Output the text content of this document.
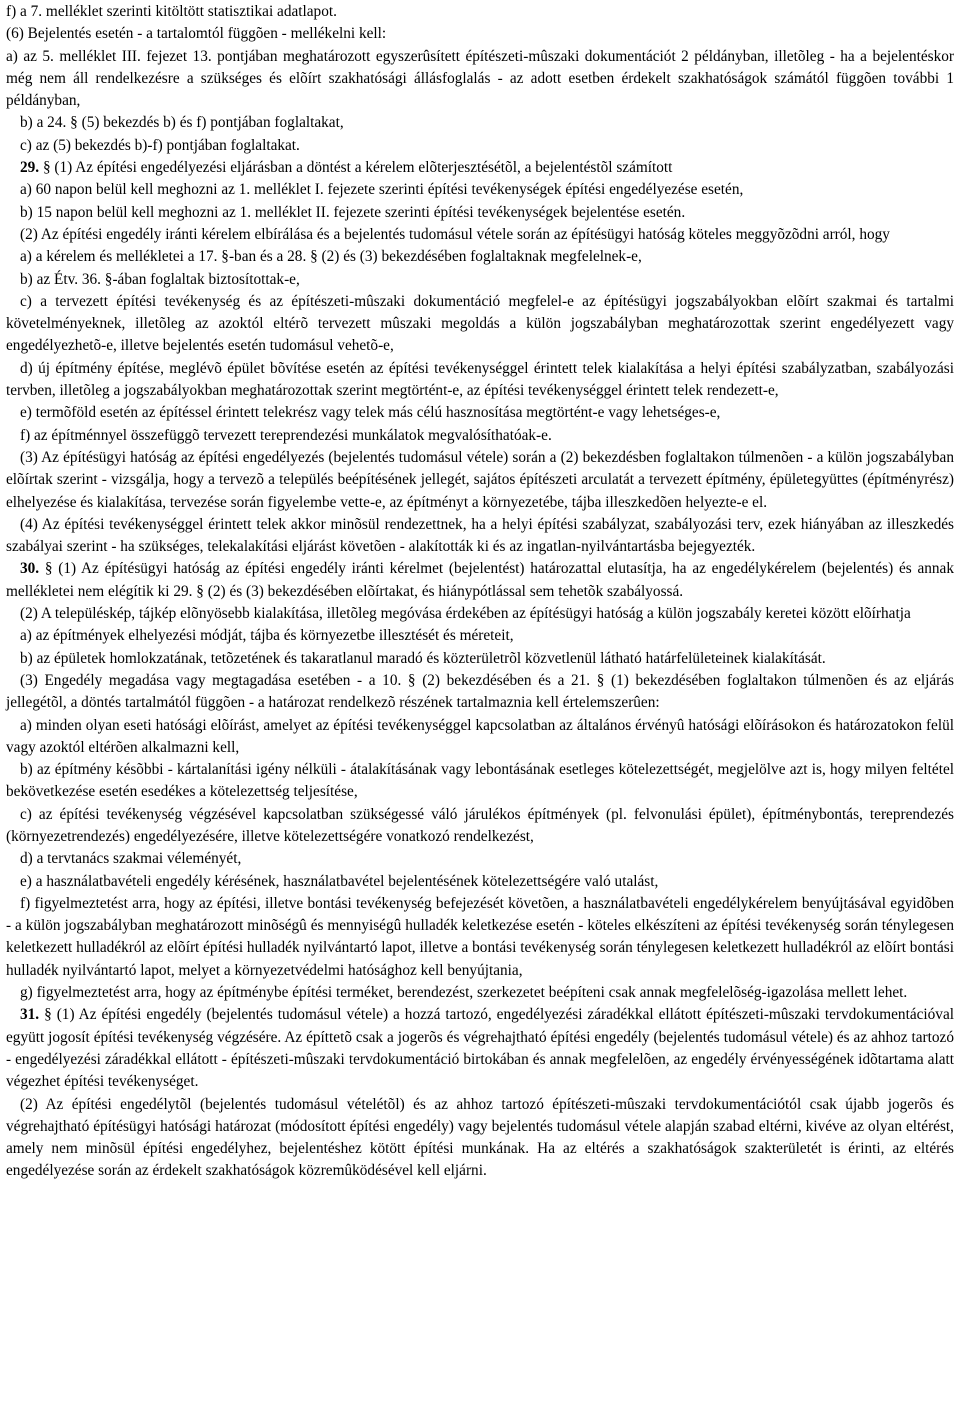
f) a 7. melléklet szerinti kitöltött statisztikai adatlapot.

(6) Bejelentés esetén - a tartalomtól függõen - mellékelni kell:

a) az 5. melléklet III. fejezet 13. pontjában meghatározott egyszerûsített építészeti-mûszaki dokumentációt 2 példányban, illetõleg - ha a bejelentéskor még nem áll rendelkezésre a szükséges és elõírt szakhatósági állásfoglalás - az adott esetben érdekelt szakhatóságok számától függõen további 1 példányban,

b) a 24. § (5) bekezdés b) és f) pontjában foglaltakat,

c) az (5) bekezdés b)-f) pontjában foglaltakat.

29. § (1) Az építési engedélyezési eljárásban a döntést a kérelem elõterjesztésétõl, a bejelentéstõl számított

a) 60 napon belül kell meghozni az 1. melléklet I. fejezete szerinti építési tevékenységek építési engedélyezése esetén,

b) 15 napon belül kell meghozni az 1. melléklet II. fejezete szerinti építési tevékenységek bejelentése esetén.

(2) Az építési engedély iránti kérelem elbírálása és a bejelentés tudomásul vétele során az építésügyi hatóság köteles meggyõzõdni arról, hogy

a) a kérelem és mellékletei a 17. §-ban és a 28. § (2) és (3) bekezdésében foglaltaknak megfelelnek-e,

b) az Étv. 36. §-ában foglaltak biztosítottak-e,

c) a tervezett építési tevékenység és az építészeti-mûszaki dokumentáció megfelel-e az építésügyi jogszabályokban elõírt szakmai és tartalmi követelményeknek, illetõleg az azoktól eltérõ tervezett mûszaki megoldás a külön jogszabályban meghatározottak szerint engedélyezett vagy engedélyezhetõ-e, illetve bejelentés esetén tudomásul vehetõ-e,

d) új építmény építése, meglévõ épület bõvítése esetén az építési tevékenységgel érintett telek kialakítása a helyi építési szabályzatban, szabályozási tervben, illetõleg a jogszabályokban meghatározottak szerint megtörtént-e, az építési tevékenységgel érintett telek rendezett-e,

e) termõföld esetén az építéssel érintett telekrész vagy telek más célú hasznosítása megtörtént-e vagy lehetséges-e,

f) az építménnyel összefüggõ tervezett tereprendezési munkálatok megvalósíthatóak-e.

(3) Az építésügyi hatóság az építési engedélyezés (bejelentés tudomásul vétele) során a (2) bekezdésben foglaltakon túlmenõen - a külön jogszabályban elõírtak szerint - vizsgálja, hogy a tervezõ a település beépítésének jellegét, sajátos építészeti arculatát a tervezett építmény, épületegyüttes (építményrész) elhelyezése és kialakítása, tervezése során figyelembe vette-e, az építményt a környezetébe, tájba illeszkedõen helyezte-e el.

(4) Az építési tevékenységgel érintett telek akkor minõsül rendezettnek, ha a helyi építési szabályzat, szabályozási terv, ezek hiányában az illeszkedés szabályai szerint - ha szükséges, telekalakítási eljárást követõen - alakították ki és az ingatlan-nyilvántartásba bejegyezték.

30. § (1) Az építésügyi hatóság az építési engedély iránti kérelmet (bejelentést) határozattal elutasítja, ha az engedélykérelem (bejelentés) és annak mellékletei nem elégítik ki 29. § (2) és (3) bekezdésében elõírtakat, és hiánypótlással sem tehetõk szabályossá.

(2) A településkép, tájkép elõnyösebb kialakítása, illetõleg megóvása érdekében az építésügyi hatóság a külön jogszabály keretei között elõírhatja

a) az építmények elhelyezési módját, tájba és környezetbe illesztését és méreteit,

b) az épületek homlokzatának, tetõzetének és takaratlanul maradó és közterületrõl közvetlenül látható határfelületeinek kialakítását.

(3) Engedély megadása vagy megtagadása esetében - a 10. § (2) bekezdésében és a 21. § (1) bekezdésében foglaltakon túlmenõen és az eljárás jellegétõl, a döntés tartalmától függõen - a határozat rendelkezõ részének tartalmaznia kell értelemszerûen:

a) minden olyan eseti hatósági elõírást, amelyet az építési tevékenységgel kapcsolatban az általános érvényû hatósági elõírásokon és határozatokon felül vagy azoktól eltérõen alkalmazni kell,

b) az építmény késõbbi - kártalanítási igény nélküli - átalakításának vagy lebontásának esetleges kötelezettségét, megjelölve azt is, hogy milyen feltétel bekövetkezése esetén esedékes a kötelezettség teljesítése,

c) az építési tevékenység végzésével kapcsolatban szükségessé váló járulékos építmények (pl. felvonulási épület), építménybontás, tereprendezés (környezetrendezés) engedélyezésére, illetve kötelezettségére vonatkozó rendelkezést,

d) a tervtanács szakmai véleményét,

e) a használatbavételi engedély kérésének, használatbavétel bejelentésének kötelezettségére való utalást,

f) figyelmeztetést arra, hogy az építési, illetve bontási tevékenység befejezését követõen, a használatbavételi engedélykérelem benyújtásával egyidõben - a külön jogszabályban meghatározott minõségû és mennyiségû hulladék keletkezése esetén - köteles elkészíteni az építési tevékenység során ténylegesen keletkezett hulladékról az elõírt építési hulladék nyilvántartó lapot, illetve a bontási tevékenység során ténylegesen keletkezett hulladékról az elõírt bontási hulladék nyilvántartó lapot, melyet a környezetvédelmi hatósághoz kell benyújtania,

g) figyelmeztetést arra, hogy az építménybe építési terméket, berendezést, szerkezetet beépíteni csak annak megfelelõség-igazolása mellett lehet.

31. § (1) Az építési engedély (bejelentés tudomásul vétele) a hozzá tartozó, engedélyezési záradékkal ellátott építészeti-mûszaki tervdokumentációval együtt jogosít építési tevékenység végzésére. Az építtetõ csak a jogerõs és végrehajtható építési engedély (bejelentés tudomásul vétele) és az ahhoz tartozó - engedélyezési záradékkal ellátott - építészeti-mûszaki tervdokumentáció birtokában és annak megfelelõen, az engedély érvényességének idõtartama alatt végezhet építési tevékenységet.

(2) Az építési engedélytõl (bejelentés tudomásul vételétõl) és az ahhoz tartozó építészeti-mûszaki tervdokumentációtól csak újabb jogerõs és végrehajtható építésügyi hatósági határozat (módosított építési engedély) vagy bejelentés tudomásul vétele alapján szabad eltérni, kivéve az olyan eltérést, amely nem minõsül építési engedélyhez, bejelentéshez kötött építési munkának. Ha az eltérés a szakhatóságok szakterületét is érinti, az eltérés engedélyezése során az érdekelt szakhatóságok közremûködésével kell eljárni.
